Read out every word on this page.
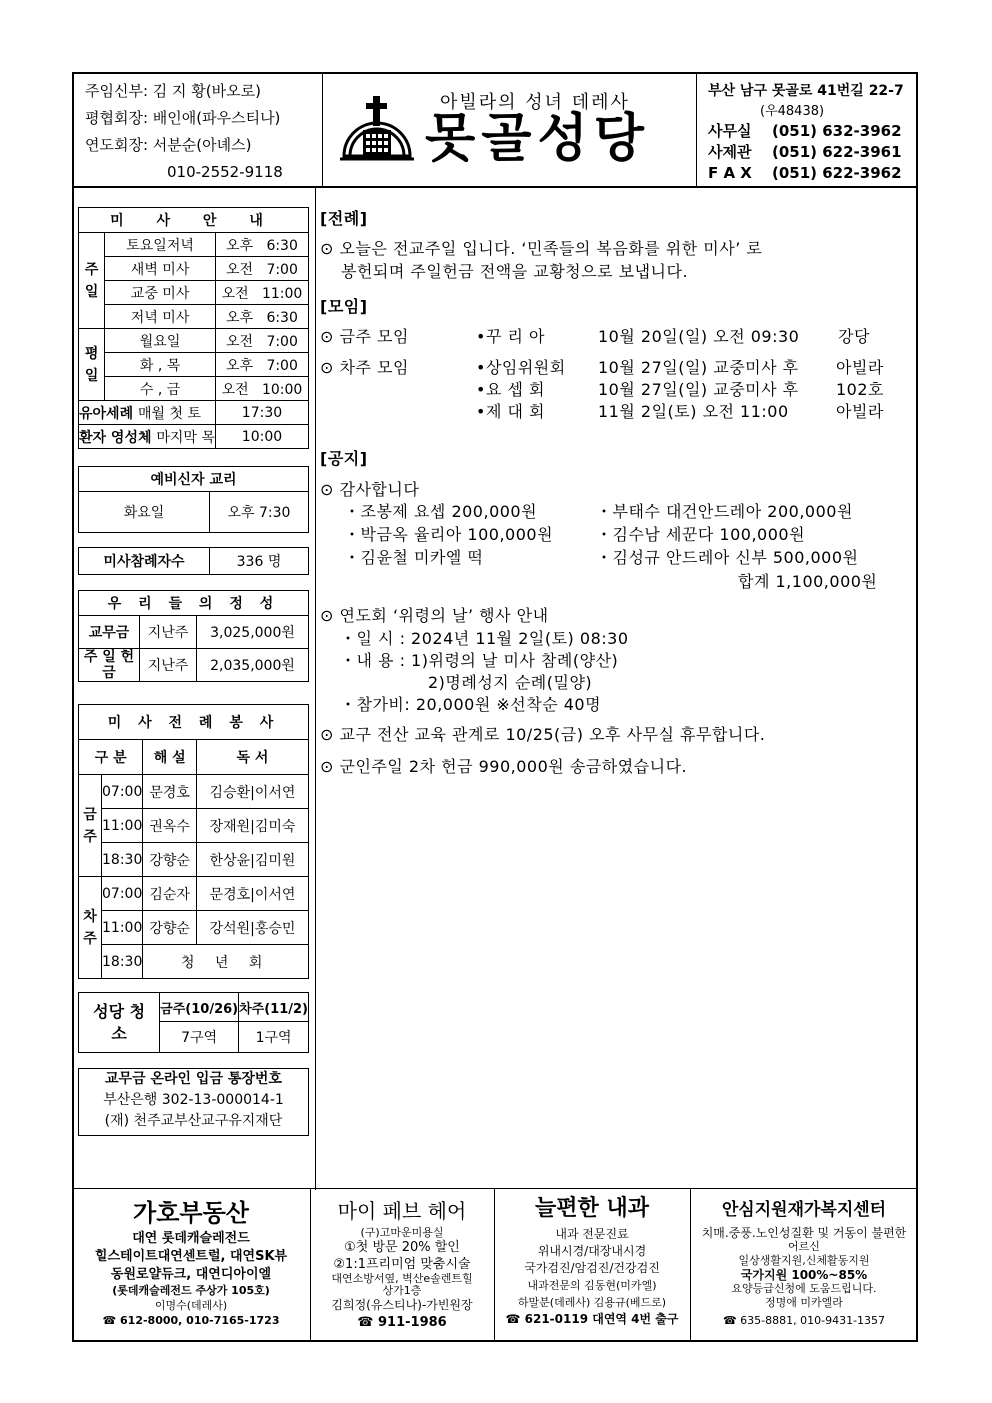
주임신부: 김 지 황(바오로)
평협회장: 배인애(파우스티나)
연도회장: 서분순(아녜스)
010-2552-9118
아빌라의 성녀 데레사
못골성당
부산 남구 못골로 41번길 22-7
(우48438)
사무실 (051) 632-3962
사제관 (051) 622-3961
F A X (051) 622-3962
미 사 안 내		
주일	토요일저녁	오후 6:30
	새벽 미사	오전 7:00
	교중 미사	오전 11:00
	저녁 미사	오후 6:30
평일	월요일	오전 7:00
	화 , 목	오후 7:00
	수 , 금	오전 10:00
유아세례 매월 첫 토		17:30
환자 영성체 마지막 목		10:00
예비신자 교리
화요일	오후 7:30
미사참례자수	336 명
우 리 들 의 정 성		
교무금	지난주	3,025,000원
주 일 헌 금	지난주	2,035,000원
미 사 전 례 봉 사			
구 분		해 설	독 서
금주	07:00	문경호	김승환|이서연
	11:00	권옥수	장재원|김미숙
	18:30	강향순	한상윤|김미원
차주	07:00	김순자	문경호|이서연
	11:00	강향순	강석원|홍승민
	18:30	청 년 회	
성당 청소	금주(10/26)	차주(11/2)
	7구역	1구역
교무금 온라인 입금 통장번호
부산은행 302-13-000014-1
(재) 천주교부산교구유지재단
[전례]
⊙ 오늘은 전교주일 입니다. ‘민족들의 복음화를 위한 미사’ 로
봉헌되며 주일헌금 전액을 교황청으로 보냅니다.
[모임]
⊙ 금주 모임	•꾸 리 아	10월 20일(일) 오전 09:30 강당
⊙ 차주 모임	•상임위원회 10월 27일(일) 교중미사 후 아빌라
•요 셉 회	10월 27일(일) 교중미사 후 102호
•제 대 회	11월 2일(토) 오전 11:00	아빌라
[공지]
⊙ 감사합니다
・조봉제 요셉 200,000원	・부태수 대건안드레아 200,000원
・박금옥 율리아 100,000원	・김수남 세꾼다 100,000원
・김윤철 미카엘 떡	・김성규 안드레아 신부 500,000원
합계 1,100,000원
⊙ 연도회 ‘위령의 날’ 행사 안내
・일 시 : 2024년 11월 2일(토) 08:30
・내 용 : 1)위령의 날 미사 참례(양산)
2)명례성지 순례(밀양)
・참가비: 20,000원 ※선착순 40명
⊙ 교구 전산 교육 관계로 10/25(금) 오후 사무실 휴무합니다.
⊙ 군인주일 2차 헌금 990,000원 송금하였습니다.
가호부동산
대연 롯데캐슬레전드
힐스테이트대연센트럴, 대연SK뷰
동원로얄듀크, 대연디아이엘
(롯데캐슬레전드 주상가 105호)
이명수(데레사)
☎ 612-8000, 010-7165-1723
마이 페브 헤어
(구)고마운미용실
①첫 방문 20% 할인
②1:1프리미엄 맞춤시술
대연소방서옆, 벽산e솔렌트힐
상가1층
김희정(유스티나)-가빈원장
☎ 911-1986
늘편한 내과
내과 전문진료
위내시경/대장내시경
국가검진/암검진/건강검진
내과전문의 김동현(미카엘)
하말분(데레사) 김용규(베드로)
☎ 621-0119 대연역 4번 출구
안심지원재가복지센터
치매.중풍.노인성질환 및 거동이 불편한
어르신
일상생활지원,신체활동지원
국가지원 100%~85%
요양등급신청에 도움드립니다.
정명애 미카엘라
☎ 635-8881, 010-9431-1357
